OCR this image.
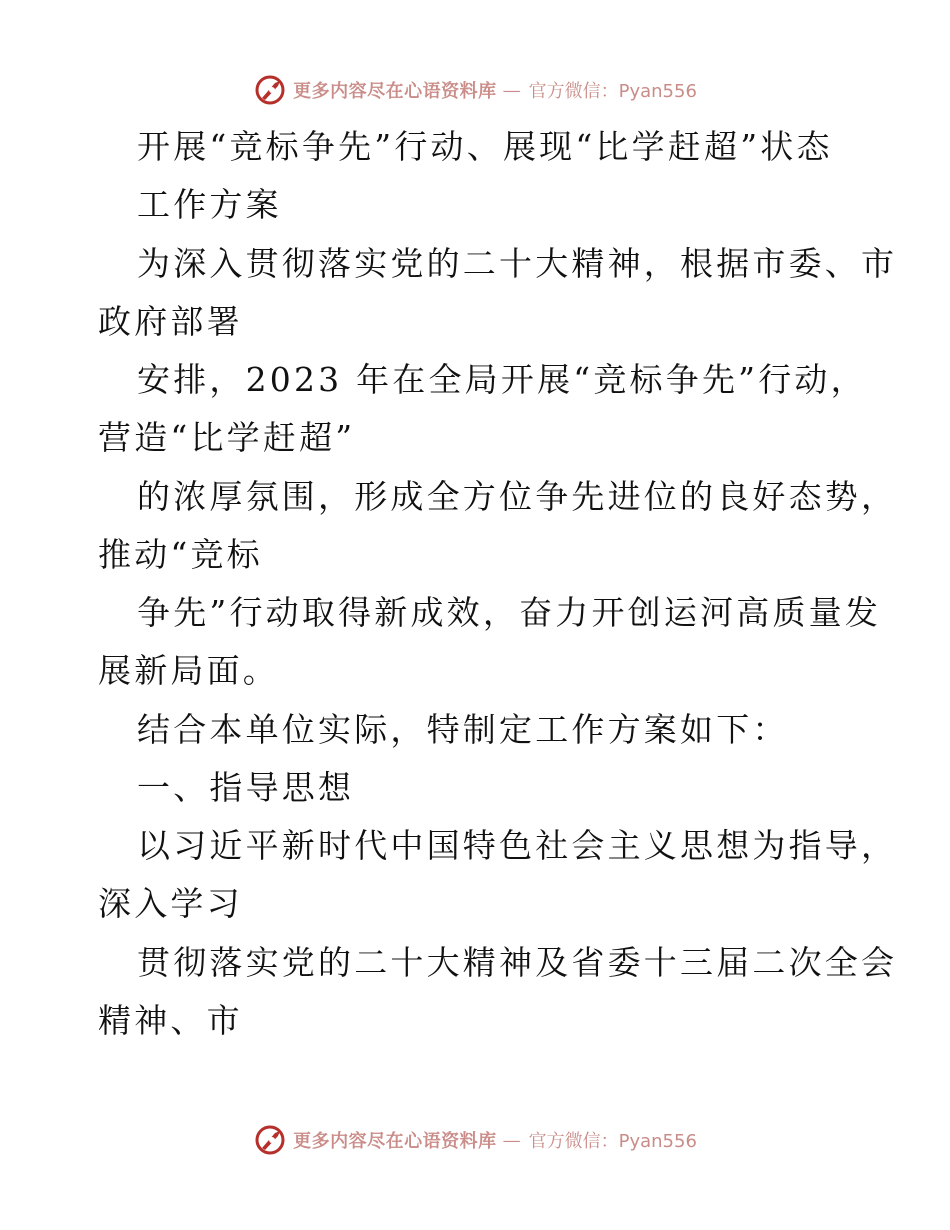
更多内容尽在心语资料库 — 官方微信：Pyan556
开展“竞标争先”行动、展现“比学赶超”状态
工作方案
为深入贯彻落实党的二十大精神，根据市委、市
政府部署
安排，2023 年在全局开展“竞标争先”行动，
营造“比学赶超”
的浓厚氛围，形成全方位争先进位的良好态势，
推动“竞标
争先”行动取得新成效，奋力开创运河高质量发
展新局面。
结合本单位实际，特制定工作方案如下：
一、指导思想
以习近平新时代中国特色社会主义思想为指导，
深入学习
贯彻落实党的二十大精神及省委十三届二次全会
精神、市
更多内容尽在心语资料库 — 官方微信：Pyan556
